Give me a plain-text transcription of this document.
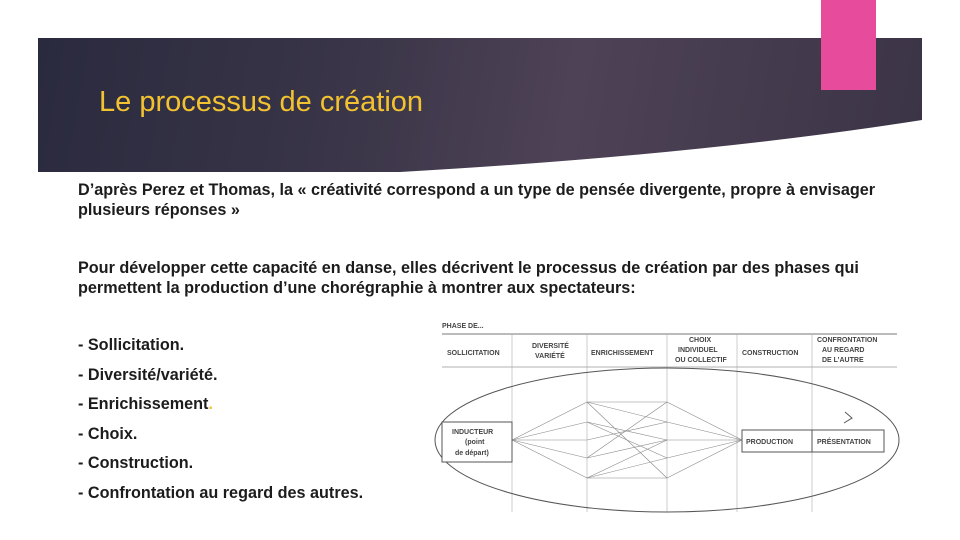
Le processus de création

D’après Perez et Thomas, la « créativité correspond a un type de pensée divergente, propre à envisager plusieurs réponses »

Pour développer cette capacité en danse, elles décrivent le processus de création par des phases qui permettent la production d’une chorégraphie à montrer aux spectateurs:

- Sollicitation.
- Diversité/variété.
- Enrichissement.
- Choix.
- Construction.
- Confrontation au regard des autres.
PHASE DE...
SOLLICITATION
DIVERSITÉ
VARIÉTÉ	ENRICHISSEMENT
CHOIX
INDIVIDUEL
OU COLLECTIF
CONSTRUCTION
CONFRONTATION
AU REGARD
DE L’AUTRE
INDUCTEUR
(point
de départ)
PRODUCTION	PRÉSENTATION
